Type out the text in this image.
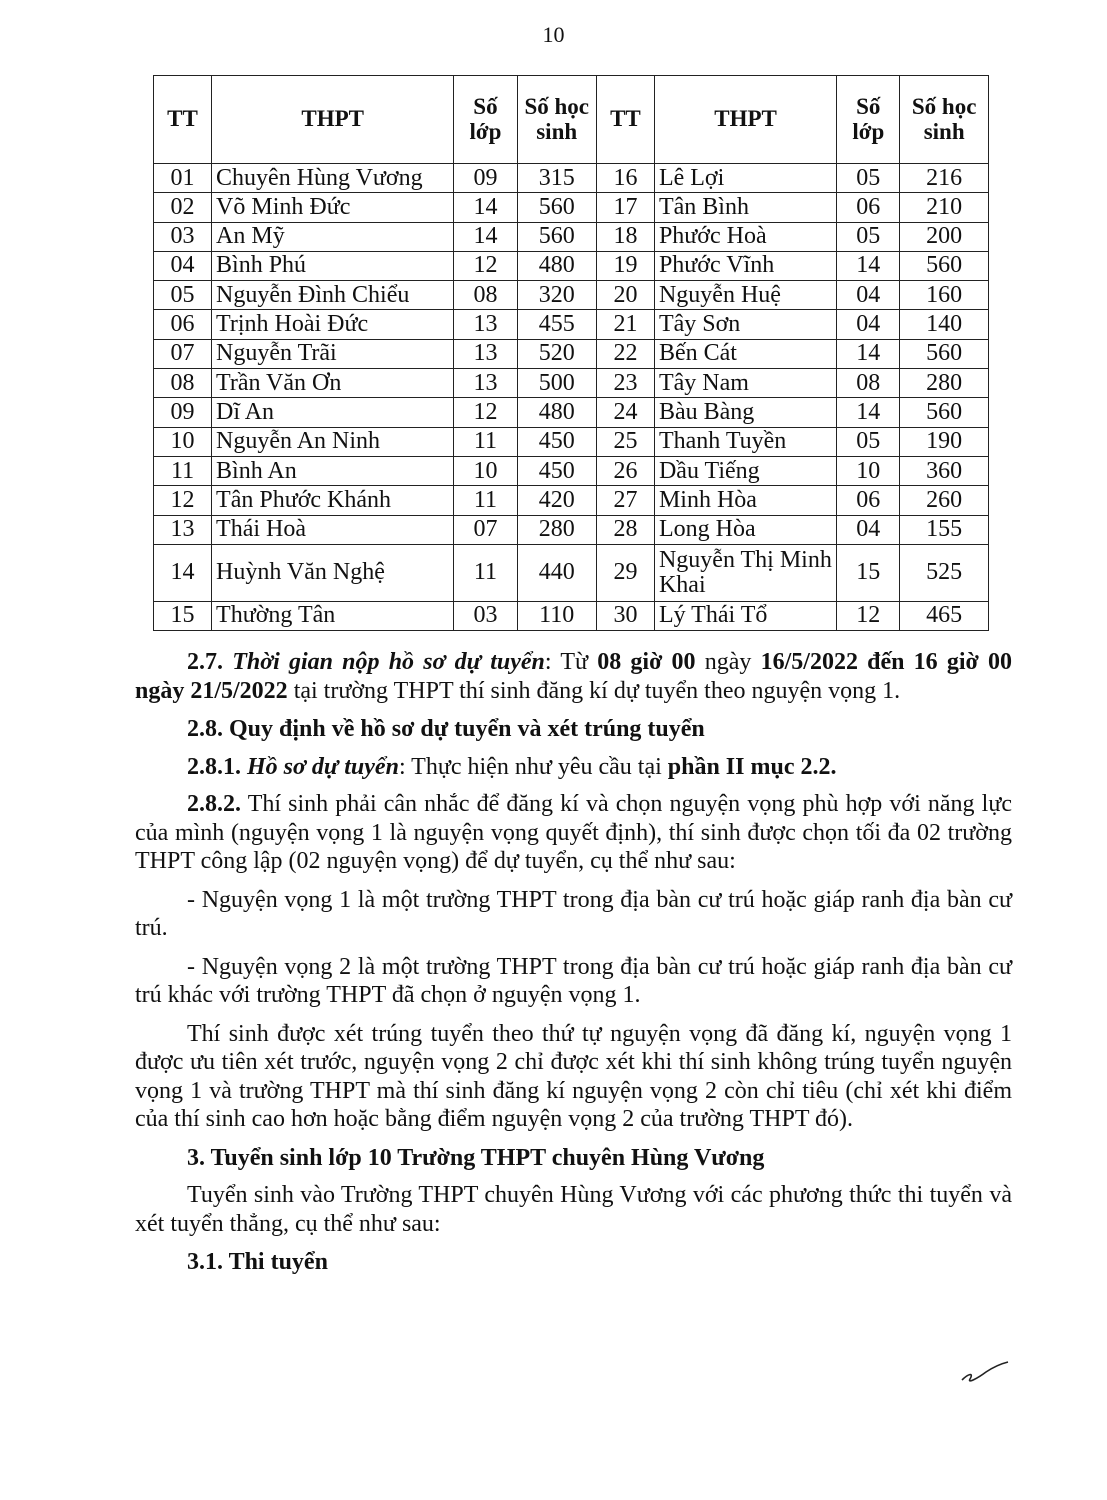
10
TT	THPT	Số lớp	Số học sinh	TT	THPT	Số lớp	Số học sinh
01	Chuyên Hùng Vương	09	315	16	Lê Lợi	05	216
02	Võ Minh Đức	14	560	17	Tân Bình	06	210
03	An Mỹ	14	560	18	Phước Hoà	05	200
04	Bình Phú	12	480	19	Phước Vĩnh	14	560
05	Nguyễn Đình Chiểu	08	320	20	Nguyễn Huệ	04	160
06	Trịnh Hoài Đức	13	455	21	Tây Sơn	04	140
07	Nguyễn Trãi	13	520	22	Bến Cát	14	560
08	Trần Văn Ơn	13	500	23	Tây Nam	08	280
09	Dĩ An	12	480	24	Bàu Bàng	14	560
10	Nguyễn An Ninh	11	450	25	Thanh Tuyền	05	190
11	Bình An	10	450	26	Dầu Tiếng	10	360
12	Tân Phước Khánh	11	420	27	Minh Hòa	06	260
13	Thái Hoà	07	280	28	Long Hòa	04	155
14	Huỳnh Văn Nghệ	11	440	29	Nguyễn Thị Minh Khai	15	525
15	Thường Tân	03	110	30	Lý Thái Tổ	12	465

2.7. Thời gian nộp hồ sơ dự tuyển: Từ 08 giờ 00 ngày 16/5/2022 đến 16 giờ 00 ngày 21/5/2022 tại trường THPT thí sinh đăng kí dự tuyển theo nguyện vọng 1.

2.8. Quy định về hồ sơ dự tuyển và xét trúng tuyển

2.8.1. Hồ sơ dự tuyển: Thực hiện như yêu cầu tại phần II mục 2.2.

2.8.2. Thí sinh phải cân nhắc để đăng kí và chọn nguyện vọng phù hợp với năng lực của mình (nguyện vọng 1 là nguyện vọng quyết định), thí sinh được chọn tối đa 02 trường THPT công lập (02 nguyện vọng) để dự tuyển, cụ thể như sau:

- Nguyện vọng 1 là một trường THPT trong địa bàn cư trú hoặc giáp ranh địa bàn cư trú.

- Nguyện vọng 2 là một trường THPT trong địa bàn cư trú hoặc giáp ranh địa bàn cư trú khác với trường THPT đã chọn ở nguyện vọng 1.

Thí sinh được xét trúng tuyển theo thứ tự nguyện vọng đã đăng kí, nguyện vọng 1 được ưu tiên xét trước, nguyện vọng 2 chỉ được xét khi thí sinh không trúng tuyển nguyện vọng 1 và trường THPT mà thí sinh đăng kí nguyện vọng 2 còn chỉ tiêu (chỉ xét khi điểm của thí sinh cao hơn hoặc bằng điểm nguyện vọng 2 của trường THPT đó).

3. Tuyển sinh lớp 10 Trường THPT chuyên Hùng Vương

Tuyển sinh vào Trường THPT chuyên Hùng Vương với các phương thức thi tuyển và xét tuyển thẳng, cụ thể như sau:

3.1. Thi tuyển
